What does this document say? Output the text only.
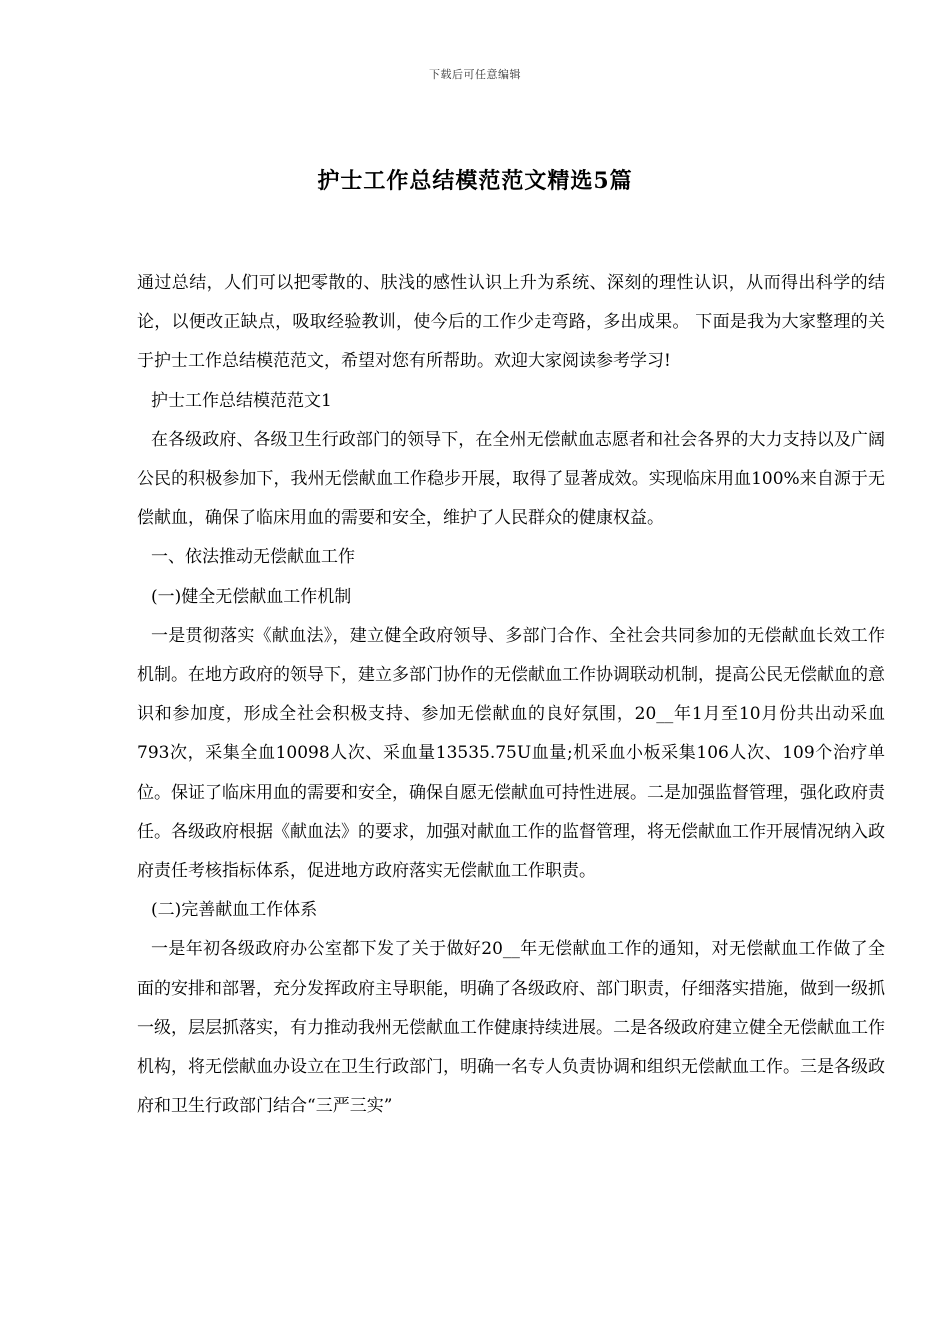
下载后可任意编辑
护士工作总结模范范文精选5篇

通过总结，人们可以把零散的、肤浅的感性认识上升为系统、深刻的理性认识，从而得出科学的结论，以便改正缺点，吸取经验教训，使今后的工作少走弯路，多出成果。 下面是我为大家整理的关于护士工作总结模范范文，希望对您有所帮助。欢迎大家阅读参考学习!

护士工作总结模范范文1

在各级政府、各级卫生行政部门的领导下，在全州无偿献血志愿者和社会各界的大力支持以及广阔公民的积极参加下，我州无偿献血工作稳步开展，取得了显著成效。实现临床用血100%来自源于无偿献血，确保了临床用血的需要和安全，维护了人民群众的健康权益。

一、依法推动无偿献血工作

(一)健全无偿献血工作机制

一是贯彻落实《献血法》，建立健全政府领导、多部门合作、全社会共同参加的无偿献血长效工作机制。在地方政府的领导下，建立多部门协作的无偿献血工作协调联动机制，提高公民无偿献血的意识和参加度，形成全社会积极支持、参加无偿献血的良好氛围，20__年1月至10月份共出动采血793次，采集全血10098人次、采血量13535.75U血量;机采血小板采集106人次、109个治疗单位。保证了临床用血的需要和安全，确保自愿无偿献血可持性进展。二是加强监督管理，强化政府责任。各级政府根据《献血法》的要求，加强对献血工作的监督管理，将无偿献血工作开展情况纳入政府责任考核指标体系，促进地方政府落实无偿献血工作职责。

(二)完善献血工作体系

一是年初各级政府办公室都下发了关于做好20__年无偿献血工作的通知，对无偿献血工作做了全面的安排和部署，充分发挥政府主导职能，明确了各级政府、部门职责，仔细落实措施，做到一级抓一级，层层抓落实，有力推动我州无偿献血工作健康持续进展。二是各级政府建立健全无偿献血工作机构，将无偿献血办设立在卫生行政部门，明确一名专人负责协调和组织无偿献血工作。三是各级政府和卫生行政部门结合“三严三实”
